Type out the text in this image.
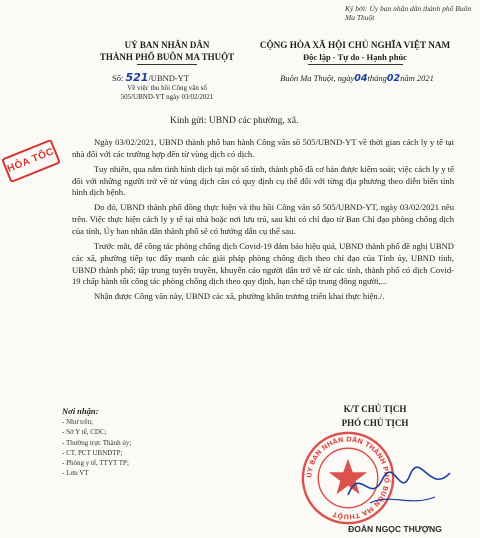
Ký bởi: Ủy ban nhân dân thành phố Buôn Ma Thuột
UỶ BAN NHÂN DÂN
THÀNH PHỐ BUÔN MA THUỘT
Số: 521/UBND-YT
Về việc thu hồi Công văn số
505/UBND-YT ngày 03/02/2021
CỘNG HÒA XÃ HỘI CHỦ NGHĨA VIỆT NAM
Độc lập - Tự do - Hạnh phúc
Buôn Ma Thuột, ngày04tháng02năm 2021
HỎA TỐC
Kính gửi: UBND các phường, xã.

Ngày 03/02/2021, UBND thành phố ban hành Công văn số 505/UBND-YT về thời gian cách ly y tế tại nhà đối với các trường hợp đến từ vùng dịch có dịch.

Tuy nhiên, qua nắm tình hình dịch tại một số tỉnh, thành phố đã cơ bản được kiểm soát; việc cách ly y tế đối với những người trở về từ vùng dịch cần có quy định cụ thể đối với từng địa phương theo diễn biến tình hình dịch bệnh.

Do đó, UBND thành phố đồng thực hiện và thu hồi Công văn số 505/UBND-YT, ngày 03/02/2021 nêu trên. Việc thực hiện cách ly y tế tại nhà hoặc nơi lưu trú, sau khi có chỉ đạo từ Ban Chỉ đạo phòng chống dịch của tỉnh, Ủy ban nhân dân thành phố sẽ có hướng dẫn cụ thể sau.

Trước mắt, để công tác phòng chống dịch Covid-19 đảm bảo hiệu quả, UBND thành phố đề nghị UBND các xã, phường tiếp tục đẩy mạnh các giải pháp phòng chống dịch theo chỉ đạo của Tỉnh ủy, UBND tỉnh, UBND thành phố; tập trung tuyên truyền, khuyến cáo người dân trở về từ các tỉnh, thành phố có dịch Covid-19 chấp hành tốt công tác phòng chống dịch theo quy định, hạn chế tập trung đông người,...

Nhận được Công văn này, UBND các xã, phường khẩn trương triển khai thực hiện./.

Nơi nhận:
- Như trên;
- Sở Y tế, CDC;
- Thường trực Thành ủy;
- CT, PCT UBNDTP;
- Phòng y tế, TTYT TP;
- Lưu VT
K/T CHỦ TỊCH
PHÓ CHỦ TỊCH
ỦY BAN NHÂN DÂN THÀNH PHỐ BUÔN MA THUỘT
ĐOÀN NGỌC THƯỢNG
